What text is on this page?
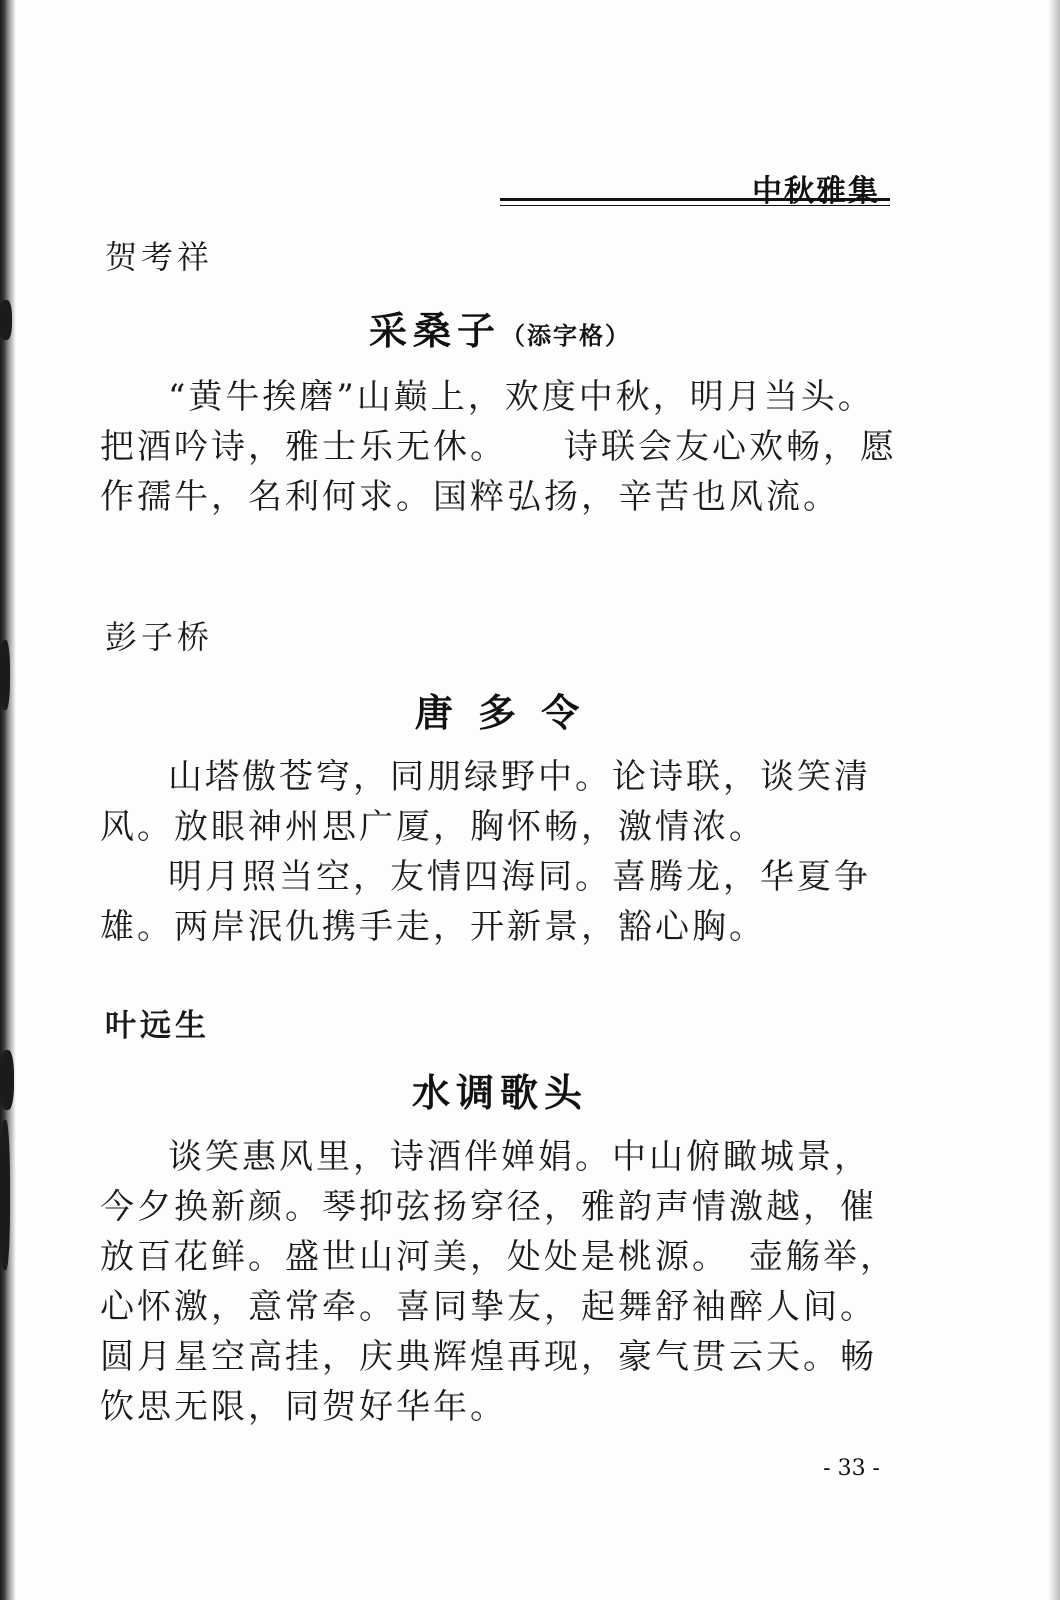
中秋雅集
贺考祥
采桑子（添字格）

“黄牛挨磨”山巅上，欢度中秋，明月当头。把酒吟诗，雅士乐无休。　　诗联会友心欢畅，愿作孺牛，名利何求。国粹弘扬，辛苦也风流。

彭子桥
唐 多 令

山塔傲苍穹，同朋绿野中。论诗联，谈笑清风。放眼神州思广厦，胸怀畅，激情浓。

明月照当空，友情四海同。喜腾龙，华夏争雄。两岸泯仇携手走，开新景，豁心胸。

叶远生
水调歌头

谈笑惠风里，诗酒伴婵娟。中山俯瞰城景，今夕换新颜。琴抑弦扬穿径，雅韵声情激越，催放百花鲜。盛世山河美，处处是桃源。　壶觞举，心怀激，意常牵。喜同挚友，起舞舒袖醉人间。圆月星空高挂，庆典辉煌再现，豪气贯云天。畅饮思无限，同贺好华年。

- 33 -
